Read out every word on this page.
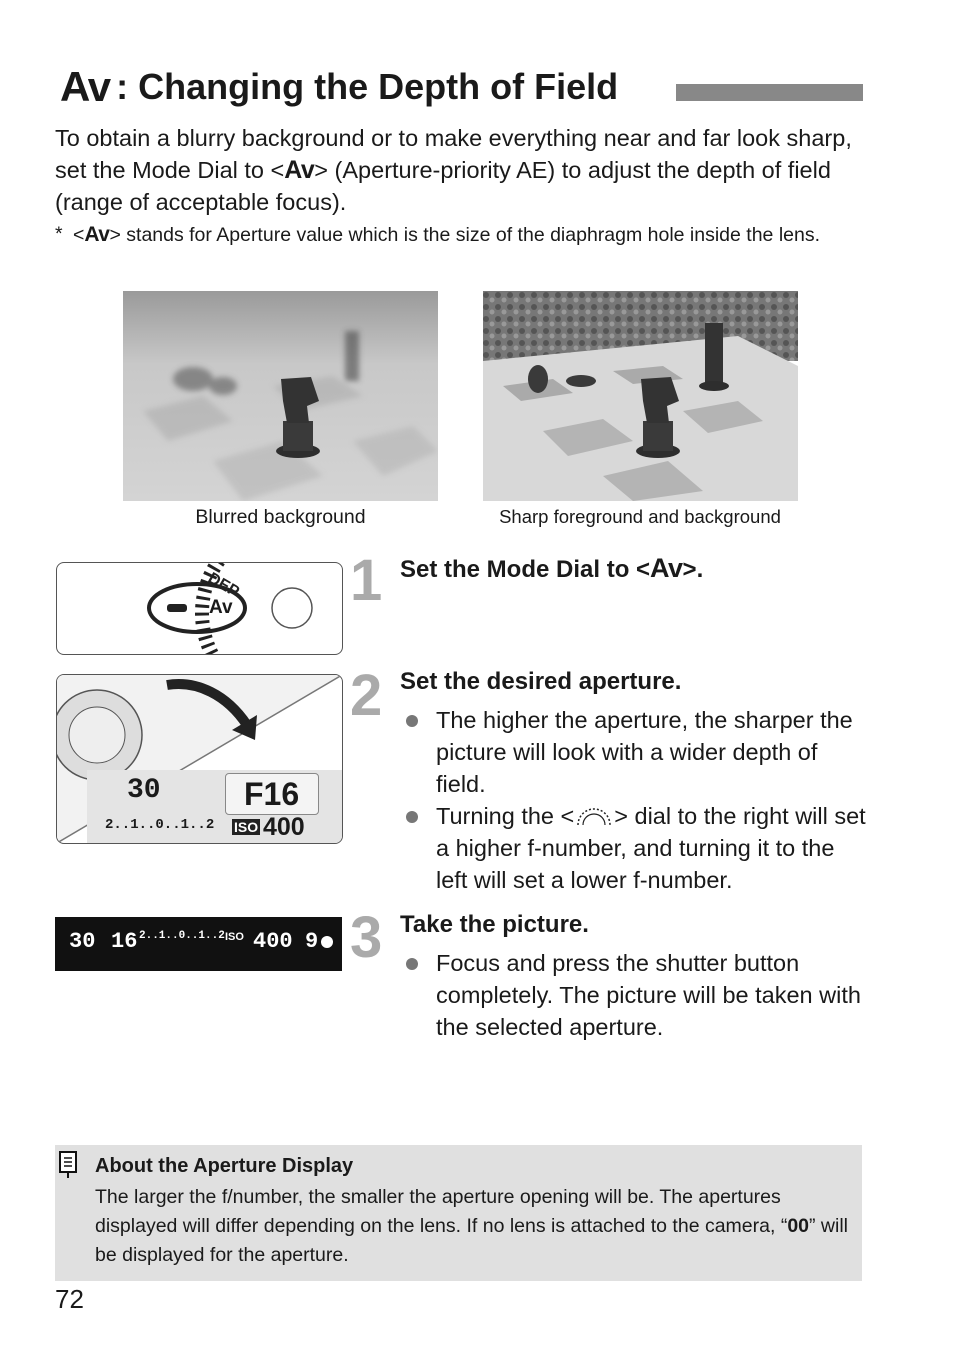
Av : Changing the Depth of Field
To obtain a blurry background or to make everything near and far look sharp, set the Mode Dial to <Av> (Aperture-priority AE) to adjust the depth of field (range of acceptable focus).
* <Av> stands for Aperture value which is the size of the diaphragm hole inside the lens.
Blurred background	Sharp foreground and background
DEP
Av 1 Set the Mode Dial to <Av>.
30	F16
2..1..0..1..2 ISO 400
2 Set the desired aperture.
The higher the aperture, the sharper the picture will look with a wider depth of field.
Turning the < > dial to the right will set a higher f-number, and turning it to the left will set a lower f-number.
30 16 2..1..0..1..2 ISO 400 9 3 Take the picture.
Focus and press the shutter button completely. The picture will be taken with the selected aperture.
About the Aperture Display
The larger the f/number, the smaller the aperture opening will be. The apertures displayed will differ depending on the lens. If no lens is attached to the camera, “00” will be displayed for the aperture.
72
